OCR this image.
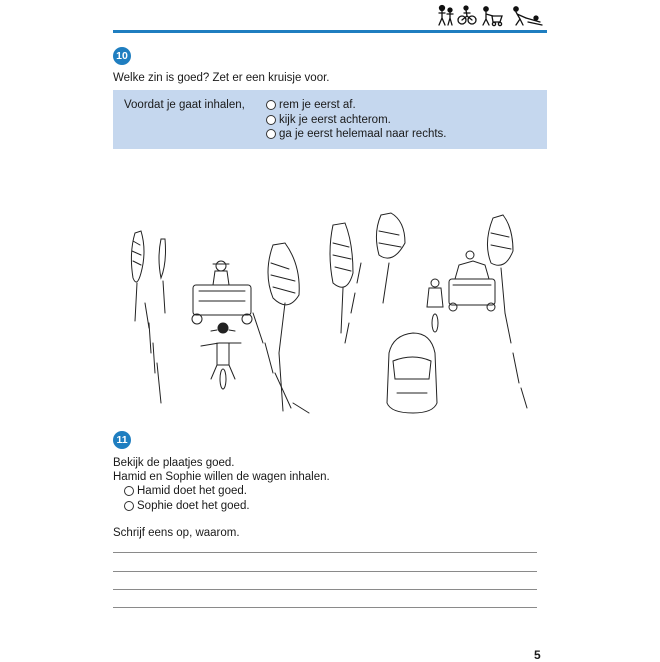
10
Welke zin is goed? Zet er een kruisje voor.
Voordat je gaat inhalen,	rem je eerst af.
kijk je eerst achterom.
ga je eerst helemaal naar rechts.
11
Bekijk de plaatjes goed.
Hamid en Sophie willen de wagen inhalen.
Hamid doet het goed.
Sophie doet het goed.
Schrijf eens op, waarom.
5
